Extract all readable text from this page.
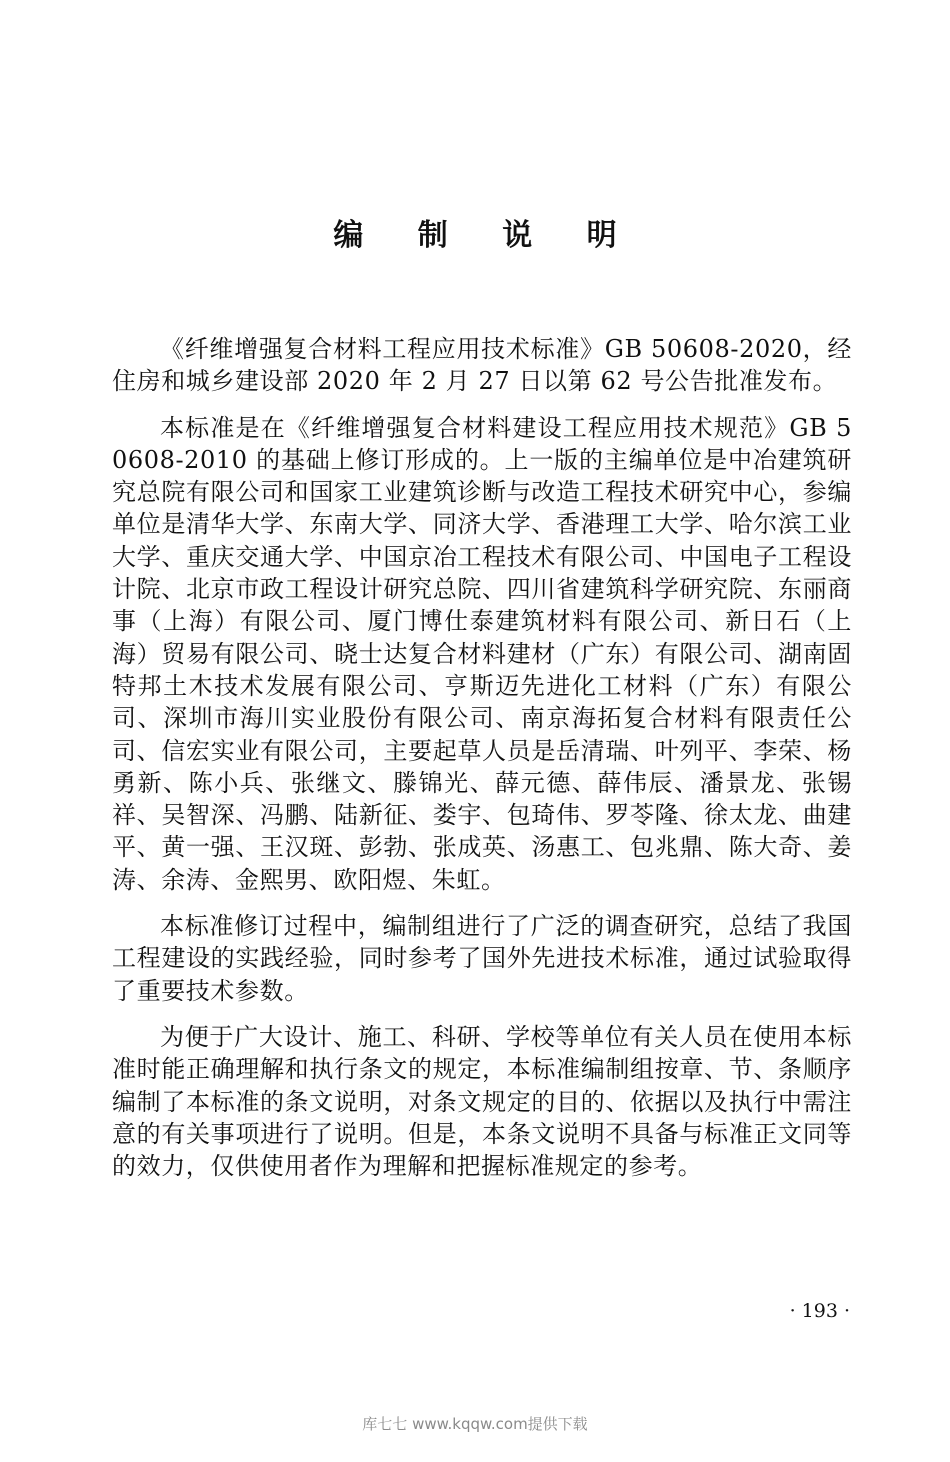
编 制 说 明

《纤维增强复合材料工程应用技术标准》GB 50608-2020，经住房和城乡建设部 2020 年 2 月 27 日以第 62 号公告批准发布。

本标准是在《纤维增强复合材料建设工程应用技术规范》GB 50608-2010 的基础上修订形成的。上一版的主编单位是中冶建筑研究总院有限公司和国家工业建筑诊断与改造工程技术研究中心，参编单位是清华大学、东南大学、同济大学、香港理工大学、哈尔滨工业大学、重庆交通大学、中国京冶工程技术有限公司、中国电子工程设计院、北京市政工程设计研究总院、四川省建筑科学研究院、东丽商事（上海）有限公司、厦门博仕泰建筑材料有限公司、新日石（上海）贸易有限公司、晓士达复合材料建材（广东）有限公司、湖南固特邦土木技术发展有限公司、亨斯迈先进化工材料（广东）有限公司、深圳市海川实业股份有限公司、南京海拓复合材料有限责任公司、信宏实业有限公司，主要起草人员是岳清瑞、叶列平、李荣、杨勇新、陈小兵、张继文、滕锦光、薛元德、薛伟辰、潘景龙、张锡祥、吴智深、冯鹏、陆新征、娄宇、包琦伟、罗苓隆、徐太龙、曲建平、黄一强、王汉斑、彭勃、张成英、汤惠工、包兆鼎、陈大奇、姜涛、余涛、金熙男、欧阳煜、朱虹。

本标准修订过程中，编制组进行了广泛的调查研究，总结了我国工程建设的实践经验，同时参考了国外先进技术标准，通过试验取得了重要技术参数。

为便于广大设计、施工、科研、学校等单位有关人员在使用本标准时能正确理解和执行条文的规定，本标准编制组按章、节、条顺序编制了本标准的条文说明，对条文规定的目的、依据以及执行中需注意的有关事项进行了说明。但是，本条文说明不具备与标准正文同等的效力，仅供使用者作为理解和把握标准规定的参考。

· 193 ·
库七七 www.kqqw.com提供下载
